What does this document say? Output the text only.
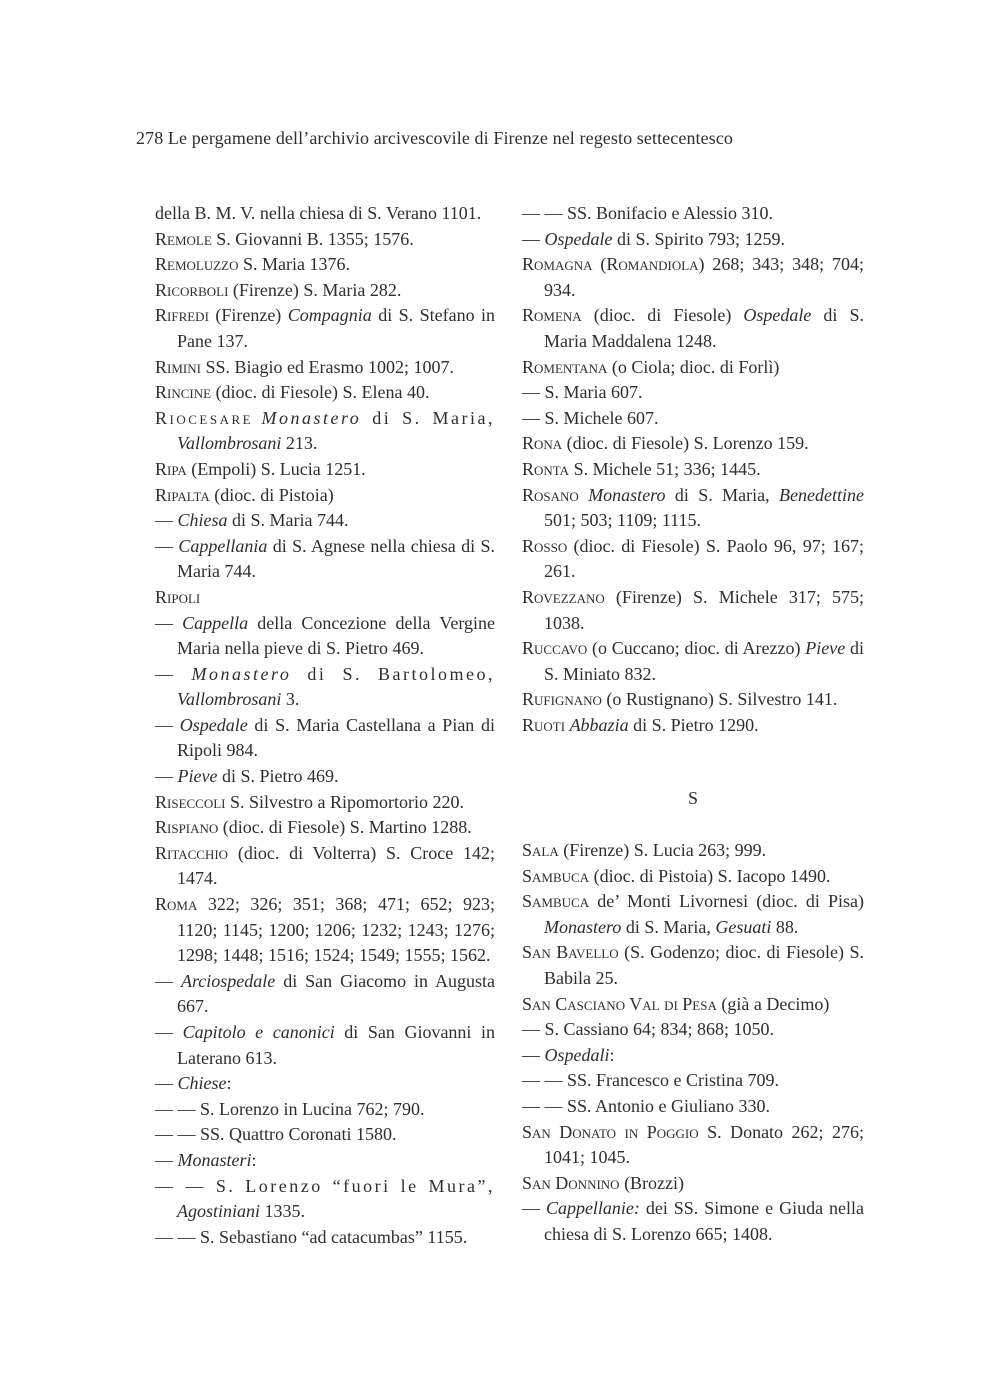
278 Le pergamene dell’archivio arcivescovile di Firenze nel regesto settecentesco
della B. M. V. nella chiesa di S. Verano 1101.
Remole S. Giovanni B. 1355; 1576.
Remoluzzo S. Maria 1376.
Ricorboli (Firenze) S. Maria 282.
Rifredi (Firenze) Compagnia di S. Stefano in Pane 137.
Rimini SS. Biagio ed Erasmo 1002; 1007.
Rincine (dioc. di Fiesole) S. Elena 40.
Riocesare Monastero di S. Maria, Vallombrosani 213.
Ripa (Empoli) S. Lucia 1251.
Ripalta (dioc. di Pistoia)
— Chiesa di S. Maria 744.
— Cappellania di S. Agnese nella chiesa di S. Maria 744.
Ripoli
— Cappella della Concezione della Vergine Maria nella pieve di S. Pietro 469.
— Monastero di S. Bartolomeo, Vallombrosani 3.
— Ospedale di S. Maria Castellana a Pian di Ripoli 984.
— Pieve di S. Pietro 469.
Riseccoli S. Silvestro a Ripomortorio 220.
Rispiano (dioc. di Fiesole) S. Martino 1288.
Ritacchio (dioc. di Volterra) S. Croce 142; 1474.
Roma 322; 326; 351; 368; 471; 652; 923; 1120; 1145; 1200; 1206; 1232; 1243; 1276; 1298; 1448; 1516; 1524; 1549; 1555; 1562.
— Arciospedale di San Giacomo in Augusta 667.
— Capitolo e canonici di San Giovanni in Laterano 613.
— Chiese:
— — S. Lorenzo in Lucina 762; 790.
— — SS. Quattro Coronati 1580.
— Monasteri:
— — S. Lorenzo “fuori le Mura”, Agostiniani 1335.
— — S. Sebastiano “ad catacumbas” 1155.
— — SS. Bonifacio e Alessio 310.
— Ospedale di S. Spirito 793; 1259.
Romagna (Romandiola) 268; 343; 348; 704; 934.
Romena (dioc. di Fiesole) Ospedale di S. Maria Maddalena 1248.
Romentana (o Ciola; dioc. di Forlì)
— S. Maria 607.
— S. Michele 607.
Rona (dioc. di Fiesole) S. Lorenzo 159.
Ronta S. Michele 51; 336; 1445.
Rosano Monastero di S. Maria, Benedettine 501; 503; 1109; 1115.
Rosso (dioc. di Fiesole) S. Paolo 96, 97; 167; 261.
Rovezzano (Firenze) S. Michele 317; 575; 1038.
Ruccavo (o Cuccano; dioc. di Arezzo) Pieve di S. Miniato 832.
Rufignano (o Rustignano) S. Silvestro 141.
Ruoti Abbazia di S. Pietro 1290.
S
Sala (Firenze) S. Lucia 263; 999.
Sambuca (dioc. di Pistoia) S. Iacopo 1490.
Sambuca de’ Monti Livornesi (dioc. di Pisa) Monastero di S. Maria, Gesuati 88.
San Bavello (S. Godenzo; dioc. di Fiesole) S. Babila 25.
San Casciano Val di Pesa (già a Decimo)
— S. Cassiano 64; 834; 868; 1050.
— Ospedali:
— — SS. Francesco e Cristina 709.
— — SS. Antonio e Giuliano 330.
San Donato in Poggio S. Donato 262; 276; 1041; 1045.
San Donnino (Brozzi)
— Cappellanie: dei SS. Simone e Giuda nella chiesa di S. Lorenzo 665; 1408.
